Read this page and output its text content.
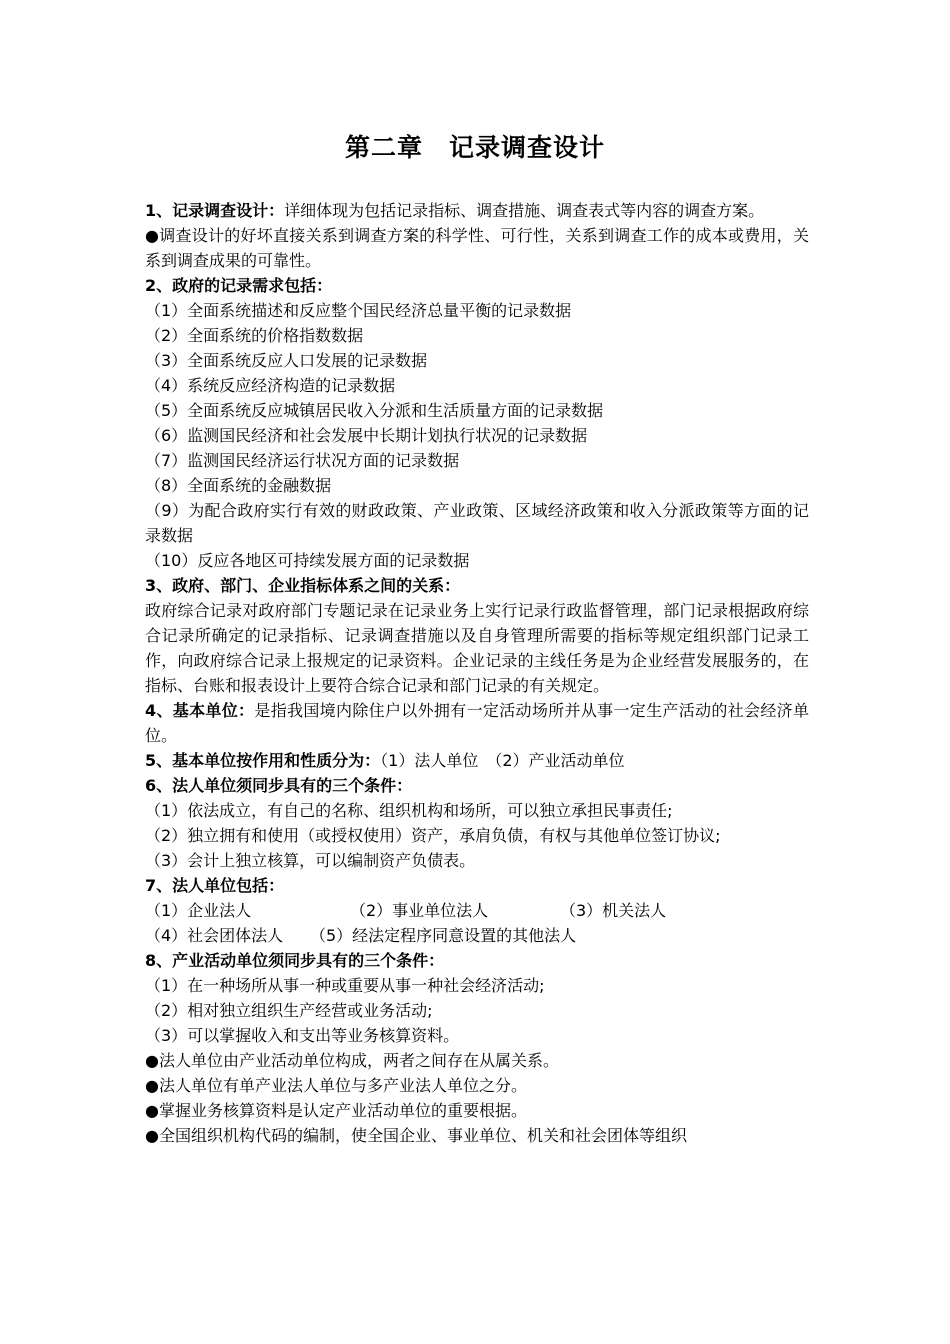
第二章　记录调查设计

1、记录调查设计：详细体现为包括记录指标、调查措施、调查表式等内容的调查方案。

●调查设计的好坏直接关系到调查方案的科学性、可行性，关系到调查工作的成本或费用，关系到调查成果的可靠性。

2、政府的记录需求包括：

（1）全面系统描述和反应整个国民经济总量平衡的记录数据

（2）全面系统的价格指数数据

（3）全面系统反应人口发展的记录数据

（4）系统反应经济构造的记录数据

（5）全面系统反应城镇居民收入分派和生活质量方面的记录数据

（6）监测国民经济和社会发展中长期计划执行状况的记录数据

（7）监测国民经济运行状况方面的记录数据

（8）全面系统的金融数据

（9）为配合政府实行有效的财政政策、产业政策、区域经济政策和收入分派政策等方面的记录数据

（10）反应各地区可持续发展方面的记录数据

3、政府、部门、企业指标体系之间的关系：

政府综合记录对政府部门专题记录在记录业务上实行记录行政监督管理，部门记录根据政府综合记录所确定的记录指标、记录调查措施以及自身管理所需要的指标等规定组织部门记录工作，向政府综合记录上报规定的记录资料。企业记录的主线任务是为企业经营发展服务的，在指标、台账和报表设计上要符合综合记录和部门记录的有关规定。

4、基本单位：是指我国境内除住户以外拥有一定活动场所并从事一定生产活动的社会经济单位。

5、基本单位按作用和性质分为：（1）法人单位　（2）产业活动单位

6、法人单位须同步具有的三个条件：

（1）依法成立，有自己的名称、组织机构和场所，可以独立承担民事责任;

（2）独立拥有和使用（或授权使用）资产，承肩负债，有权与其他单位签订协议;

（3）会计上独立核算，可以编制资产负债表。

7、法人单位包括：

（1）企业法人	（2）事业单位法人	（3）机关法人
（4）社会团体法人	（5）经法定程序同意设置的其他法人

8、产业活动单位须同步具有的三个条件：

（1）在一种场所从事一种或重要从事一种社会经济活动;

（2）相对独立组织生产经营或业务活动;

（3）可以掌握收入和支出等业务核算资料。

●法人单位由产业活动单位构成，两者之间存在从属关系。

●法人单位有单产业法人单位与多产业法人单位之分。

●掌握业务核算资料是认定产业活动单位的重要根据。

●全国组织机构代码的编制，使全国企业、事业单位、机关和社会团体等组织
